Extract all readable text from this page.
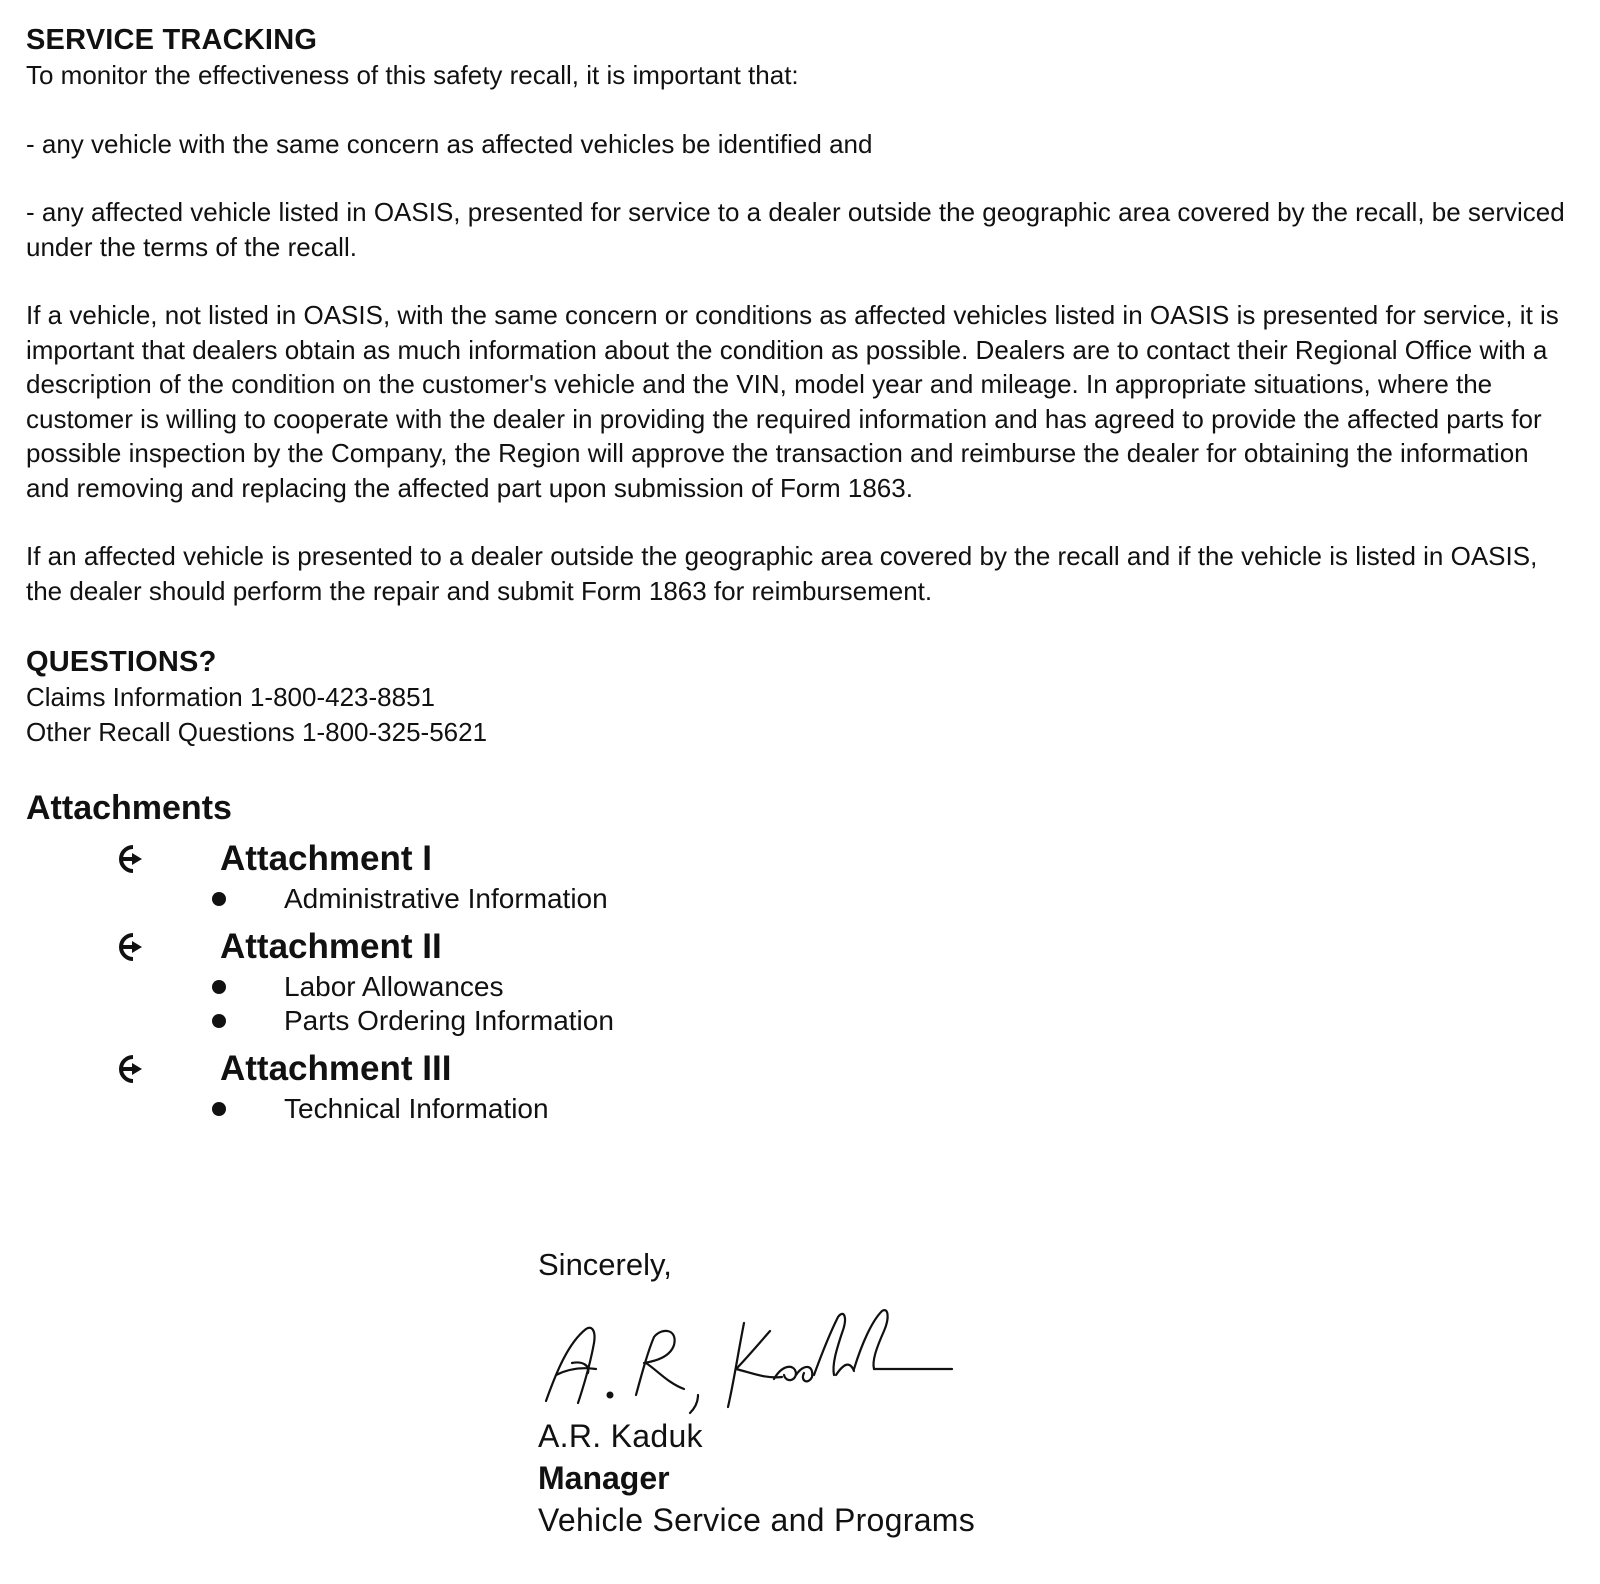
SERVICE TRACKING

To monitor the effectiveness of this safety recall, it is important that:

- any vehicle with the same concern as affected vehicles be identified and

- any affected vehicle listed in OASIS, presented for service to a dealer outside the geographic area covered by the recall, be serviced under the terms of the recall.

If a vehicle, not listed in OASIS, with the same concern or conditions as affected vehicles listed in OASIS is presented for service, it is important that dealers obtain as much information about the condition as possible. Dealers are to contact their Regional Office with a description of the condition on the customer's vehicle and the VIN, model year and mileage. In appropriate situations, where the customer is willing to cooperate with the dealer in providing the required information and has agreed to provide the affected parts for possible inspection by the Company, the Region will approve the transaction and reimburse the dealer for obtaining the information and removing and replacing the affected part upon submission of Form 1863.

If an affected vehicle is presented to a dealer outside the geographic area covered by the recall and if the vehicle is listed in OASIS, the dealer should perform the repair and submit Form 1863 for reimbursement.

QUESTIONS?

Claims Information 1-800-423-8851

Other Recall Questions 1-800-325-5621

Attachments

Attachment I
Administrative Information
Attachment II
Labor Allowances
Parts Ordering Information
Attachment III
Technical Information

Sincerely,

A.R. Kaduk

Manager

Vehicle Service and Programs
